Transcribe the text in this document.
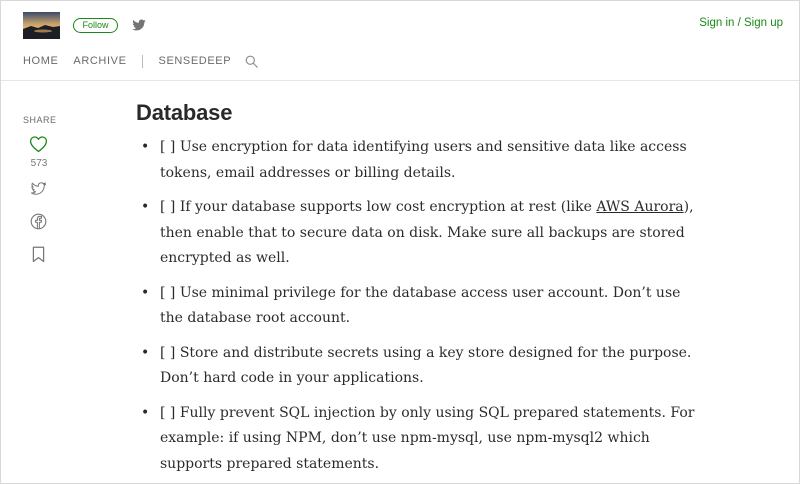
Follow	Sign in / Sign up
HOME ARCHIVE	SENSEDEEP
SHARE
573
Database
• [ ] Use encryption for data identifying users and sensitive data like access tokens, email addresses or billing details.
• [ ] If your database supports low cost encryption at rest (like AWS Aurora), then enable that to secure data on disk. Make sure all backups are stored encrypted as well.
• [ ] Use minimal privilege for the database access user account. Don’t use the database root account.
• [ ] Store and distribute secrets using a key store designed for the purpose. Don’t hard code in your applications.
• [ ] Fully prevent SQL injection by only using SQL prepared statements. For example: if using NPM, don’t use npm-mysql, use npm-mysql2 which supports prepared statements.
